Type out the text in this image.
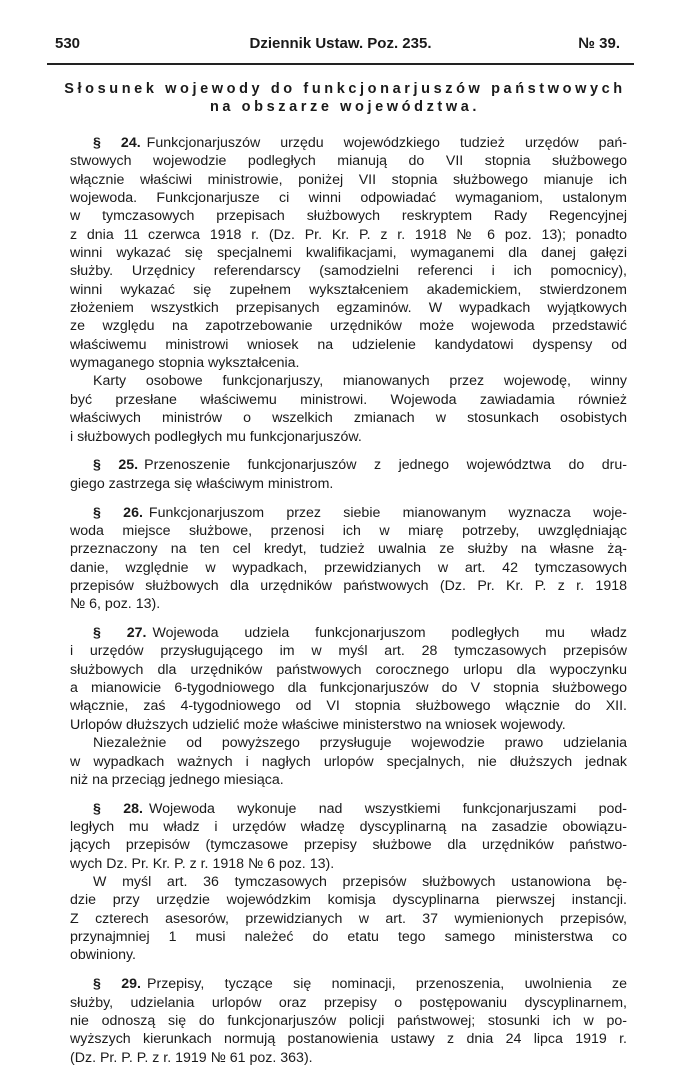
530	Dziennik Ustaw. Poz. 235.	№ 39.
Słosunek wojewody do funkcjonarjuszów państwowych
na obszarze województwa.
§ 24. Funkcjonarjuszów urzędu wojewódzkiego tudzież urzędów pań-
stwowych wojewodzie podległych mianują do VII stopnia służbowego
włącznie właściwi ministrowie, poniżej VII stopnia służbowego mianuje ich
wojewoda. Funkcjonarjusze ci winni odpowiadać wymaganiom, ustalonym
w tymczasowych przepisach służbowych reskryptem Rady Regencyjnej
z dnia 11 czerwca 1918 r. (Dz. Pr. Kr. P. z r. 1918 № 6 poz. 13); ponadto
winni wykazać się specjalnemi kwalifikacjami, wymaganemi dla danej gałęzi
służby. Urzędnicy referendarscy (samodzielni referenci i ich pomocnicy),
winni wykazać się zupełnem wykształceniem akademickiem, stwierdzonem
złożeniem wszystkich przepisanych egzaminów. W wypadkach wyjątkowych
ze względu na zapotrzebowanie urzędników może wojewoda przedstawić
właściwemu ministrowi wniosek na udzielenie kandydatowi dyspensy od
wymaganego stopnia wykształcenia.
Karty osobowe funkcjonarjuszy, mianowanych przez wojewodę, winny
być przesłane właściwemu ministrowi. Wojewoda zawiadamia również
właściwych ministrów o wszelkich zmianach w stosunkach osobistych
i służbowych podległych mu funkcjonarjuszów.
§ 25. Przenoszenie funkcjonarjuszów z jednego województwa do dru-
giego zastrzega się właściwym ministrom.
§ 26. Funkcjonarjuszom przez siebie mianowanym wyznacza woje-
woda miejsce służbowe, przenosi ich w miarę potrzeby, uwzględniając
przeznaczony na ten cel kredyt, tudzież uwalnia ze służby na własne żą-
danie, względnie w wypadkach, przewidzianych w art. 42 tymczasowych
przepisów służbowych dla urzędników państwowych (Dz. Pr. Kr. P. z r. 1918
№ 6, poz. 13).
§ 27. Wojewoda udziela funkcjonarjuszom podległych mu władz
i urzędów przysługującego im w myśl art. 28 tymczasowych przepisów
służbowych dla urzędników państwowych corocznego urlopu dla wypoczynku
a mianowicie 6-tygodniowego dla funkcjonarjuszów do V stopnia służbowego
włącznie, zaś 4-tygodniowego od VI stopnia służbowego włącznie do XII.
Urlopów dłuższych udzielić może właściwe ministerstwo na wniosek wojewody.
Niezależnie od powyższego przysługuje wojewodzie prawo udzielania
w wypadkach ważnych i nagłych urlopów specjalnych, nie dłuższych jednak
niż na przeciąg jednego miesiąca.
§ 28. Wojewoda wykonuje nad wszystkiemi funkcjonarjuszami pod-
ległych mu władz i urzędów władzę dyscyplinarną na zasadzie obowiązu-
jących przepisów (tymczasowe przepisy służbowe dla urzędników państwo-
wych Dz. Pr. Kr. P. z r. 1918 № 6 poz. 13).
W myśl art. 36 tymczasowych przepisów służbowych ustanowiona bę-
dzie przy urzędzie wojewódzkim komisja dyscyplinarna pierwszej instancji.
Z czterech asesorów, przewidzianych w art. 37 wymienionych przepisów,
przynajmniej 1 musi należeć do etatu tego samego ministerstwa co
obwiniony.
§ 29. Przepisy, tyczące się nominacji, przenoszenia, uwolnienia ze
służby, udzielania urlopów oraz przepisy o postępowaniu dyscyplinarnem,
nie odnoszą się do funkcjonarjuszów policji państwowej; stosunki ich w po-
wyższych kierunkach normują postanowienia ustawy z dnia 24 lipca 1919 r.
(Dz. Pr. P. P. z r. 1919 № 61 poz. 363).
